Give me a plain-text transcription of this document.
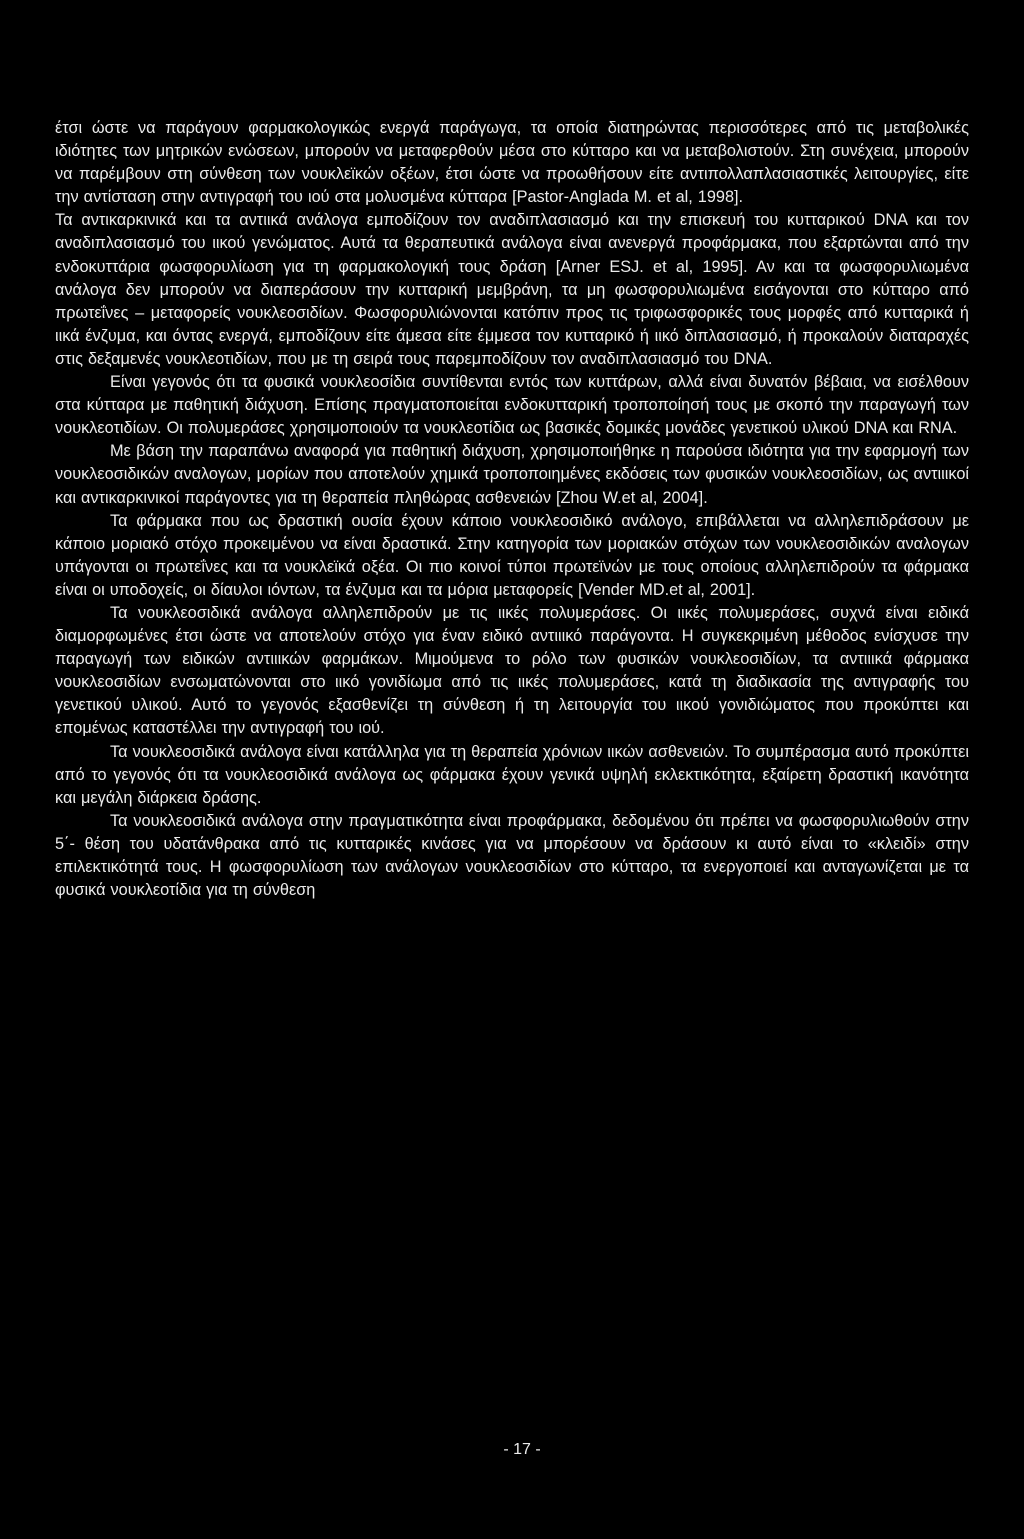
έτσι ώστε να παράγουν φαρμακολογικώς ενεργά παράγωγα, τα οποία διατηρώντας περισσότερες από τις μεταβολικές ιδιότητες των μητρικών ενώσεων, μπορούν να μεταφερθούν μέσα στο κύτταρο και να μεταβολιστούν. Στη συνέχεια, μπορούν να παρέμβουν στη σύνθεση των νουκλεϊκών οξέων, έτσι ώστε να προωθήσουν είτε αντιπολλαπλασιαστικές λειτουργίες, είτε την αντίσταση στην αντιγραφή του ιού στα μολυσμένα κύτταρα [Pastor-Anglada M. et al, 1998].

Τα αντικαρκινικά και τα αντιικά ανάλογα εμποδίζουν τον αναδιπλασιασμό και την επισκευή του κυτταρικού DNA και τον αναδιπλασιασμό του ιικού γενώματος. Αυτά τα θεραπευτικά ανάλογα είναι ανενεργά προφάρμακα, που εξαρτώνται από την ενδοκυττάρια φωσφορυλίωση για τη φαρμακολογική τους δράση [Arner ESJ. et al, 1995]. Αν και τα φωσφορυλιωμένα ανάλογα δεν μπορούν να διαπεράσουν την κυτταρική μεμβράνη, τα μη φωσφορυλιωμένα εισάγονται στο κύτταρο από πρωτεΐνες – μεταφορείς νουκλεοσιδίων. Φωσφορυλιώνονται κατόπιν προς τις τριφωσφορικές τους μορφές από κυτταρικά ή ιικά ένζυμα, και όντας ενεργά, εμποδίζουν είτε άμεσα είτε έμμεσα τον κυτταρικό ή ιικό διπλασιασμό, ή προκαλούν διαταραχές στις δεξαμενές νουκλεοτιδίων, που με τη σειρά τους παρεμποδίζουν τον αναδιπλασιασμό του DNA.

Είναι γεγονός ότι τα φυσικά νουκλεοσίδια συντίθενται εντός των κυττάρων, αλλά είναι δυνατόν βέβαια, να εισέλθουν στα κύτταρα με παθητική διάχυση. Επίσης πραγματοποιείται ενδοκυτταρική τροποποίησή τους με σκοπό την παραγωγή των νουκλεοτιδίων. Οι πολυμεράσες χρησιμοποιούν τα νουκλεοτίδια ως βασικές δομικές μονάδες γενετικού υλικού DNA και RNA.

Με βάση την παραπάνω αναφορά για παθητική διάχυση, χρησιμοποιήθηκε η παρούσα ιδιότητα για την εφαρμογή των νουκλεοσιδικών αναλογων, μορίων που αποτελούν χημικά τροποποιημένες εκδόσεις των φυσικών νουκλεοσιδίων, ως αντιιικοί και αντικαρκινικοί παράγοντες για τη θεραπεία πληθώρας ασθενειών [Zhou W.et al, 2004].

Τα φάρμακα που ως δραστική ουσία έχουν κάποιο νουκλεοσιδικό ανάλογο, επιβάλλεται να αλληλεπιδράσουν με κάποιο μοριακό στόχο προκειμένου να είναι δραστικά. Στην κατηγορία των μοριακών στόχων των νουκλεοσιδικών αναλογων υπάγονται οι πρωτεΐνες και τα νουκλεϊκά οξέα. Οι πιο κοινοί τύποι πρωτεϊνών με τους οποίους αλληλεπιδρούν τα φάρμακα είναι οι υποδοχείς, οι δίαυλοι ιόντων, τα ένζυμα και τα μόρια μεταφορείς [Vender MD.et al, 2001].

Τα νουκλεοσιδικά ανάλογα αλληλεπιδρούν με τις ιικές πολυμεράσες. Οι ιικές πολυμεράσες, συχνά είναι ειδικά διαμορφωμένες έτσι ώστε να αποτελούν στόχο για έναν ειδικό αντιιικό παράγοντα. Η συγκεκριμένη μέθοδος ενίσχυσε την παραγωγή των ειδικών αντιιικών φαρμάκων. Μιμούμενα το ρόλο των φυσικών νουκλεοσιδίων, τα αντιιικά φάρμακα νουκλεοσιδίων ενσωματώνονται στο ιικό γονιδίωμα από τις ιικές πολυμεράσες, κατά τη διαδικασία της αντιγραφής του γενετικού υλικού. Αυτό το γεγονός εξασθενίζει τη σύνθεση ή τη λειτουργία του ιικού γονιδιώματος που προκύπτει και επομένως καταστέλλει την αντιγραφή του ιού.

Τα νουκλεοσιδικά ανάλογα είναι κατάλληλα για τη θεραπεία χρόνιων ιικών ασθενειών. Το συμπέρασμα αυτό προκύπτει από το γεγονός ότι τα νουκλεοσιδικά ανάλογα ως φάρμακα έχουν γενικά υψηλή εκλεκτικότητα, εξαίρετη δραστική ικανότητα και μεγάλη διάρκεια δράσης.

Τα νουκλεοσιδικά ανάλογα στην πραγματικότητα είναι προφάρμακα, δεδομένου ότι πρέπει να φωσφορυλιωθούν στην 5΄- θέση του υδατάνθρακα από τις κυτταρικές κινάσες για να μπορέσουν να δράσουν κι αυτό είναι το «κλειδί» στην επιλεκτικότητά τους. Η φωσφορυλίωση των ανάλογων νουκλεοσιδίων στο κύτταρο, τα ενεργοποιεί και ανταγωνίζεται με τα φυσικά νουκλεοτίδια για τη σύνθεση

- 17 -
